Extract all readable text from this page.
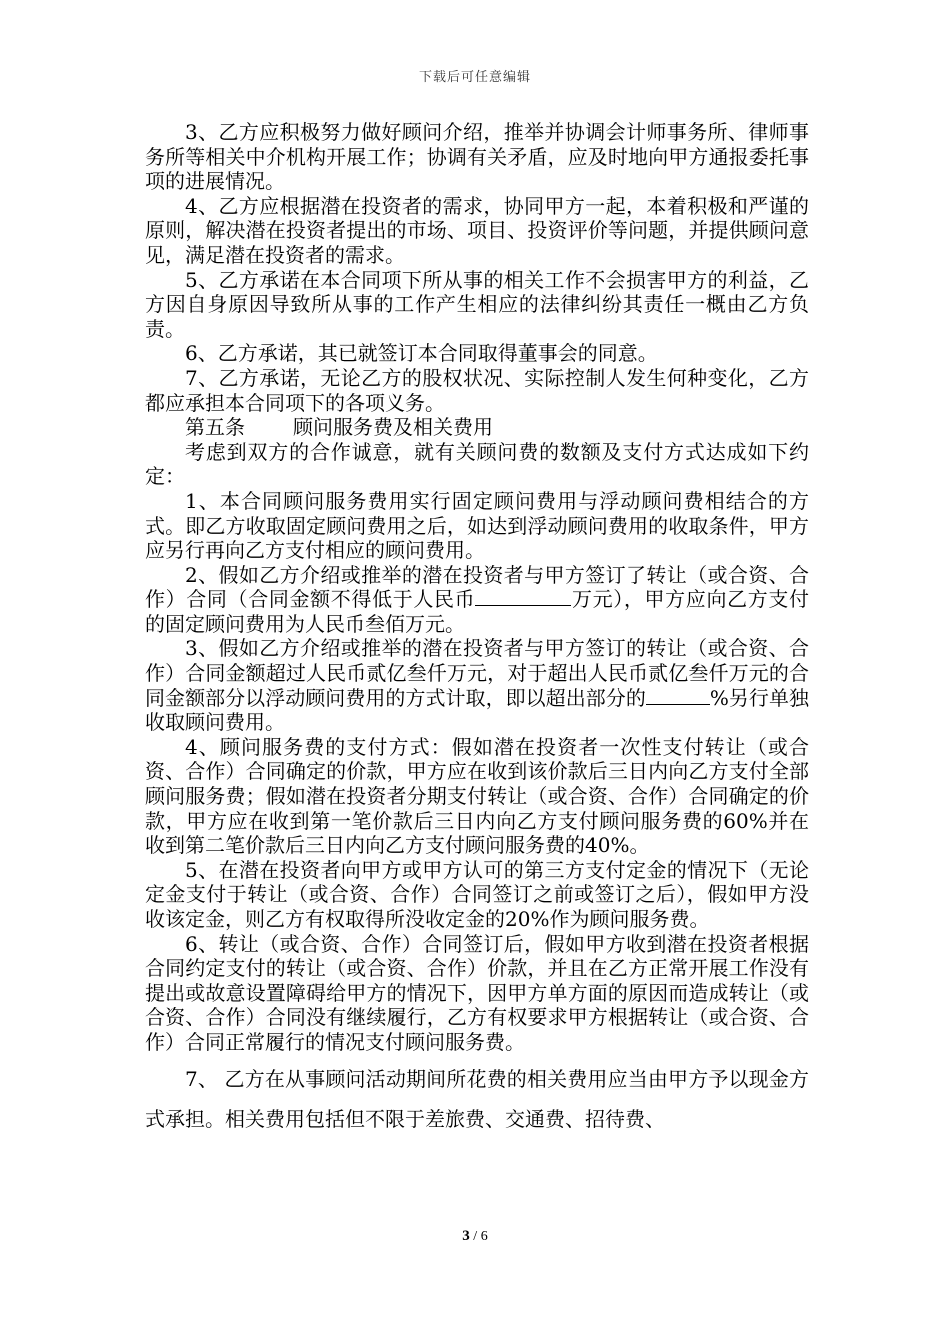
下载后可任意编辑

3、乙方应积极努力做好顾问介绍，推举并协调会计师事务所、律师事务所等相关中介机构开展工作；协调有关矛盾，应及时地向甲方通报委托事项的进展情况。

4、乙方应根据潜在投资者的需求，协同甲方一起，本着积极和严谨的原则，解决潜在投资者提出的市场、项目、投资评价等问题，并提供顾问意见，满足潜在投资者的需求。

5、乙方承诺在本合同项下所从事的相关工作不会损害甲方的利益，乙方因自身原因导致所从事的工作产生相应的法律纠纷其责任一概由乙方负责。

6、乙方承诺，其已就签订本合同取得董事会的同意。

7、乙方承诺，无论乙方的股权状况、实际控制人发生何种变化，乙方都应承担本合同项下的各项义务。

第五条 顾问服务费及相关费用

考虑到双方的合作诚意，就有关顾问费的数额及支付方式达成如下约定：

1、本合同顾问服务费用实行固定顾问费用与浮动顾问费相结合的方式。即乙方收取固定顾问费用之后，如达到浮动顾问费用的收取条件，甲方应另行再向乙方支付相应的顾问费用。

2、假如乙方介绍或推举的潜在投资者与甲方签订了转让（或合资、合作）合同（合同金额不得低于人民币	万元），甲方应向乙方支付的固定顾问费用为人民币叁佰万元。

3、假如乙方介绍或推举的潜在投资者与甲方签订的转让（或合资、合作）合同金额超过人民币贰亿叁仟万元，对于超出人民币贰亿叁仟万元的合同金额部分以浮动顾问费用的方式计取，即以超出部分的	%另行单独收取顾问费用。

4、顾问服务费的支付方式：假如潜在投资者一次性支付转让（或合资、合作）合同确定的价款，甲方应在收到该价款后三日内向乙方支付全部顾问服务费；假如潜在投资者分期支付转让（或合资、合作）合同确定的价款，甲方应在收到第一笔价款后三日内向乙方支付顾问服务费的60%并在收到第二笔价款后三日内向乙方支付顾问服务费的40%。

5、在潜在投资者向甲方或甲方认可的第三方支付定金的情况下（无论定金支付于转让（或合资、合作）合同签订之前或签订之后），假如甲方没收该定金，则乙方有权取得所没收定金的20%作为顾问服务费。

6、转让（或合资、合作）合同签订后，假如甲方收到潜在投资者根据合同约定支付的转让（或合资、合作）价款，并且在乙方正常开展工作没有提出或故意设置障碍给甲方的情况下，因甲方单方面的原因而造成转让（或合资、合作）合同没有继续履行，乙方有权要求甲方根据转让（或合资、合作）合同正常履行的情况支付顾问服务费。

7、 乙方在从事顾问活动期间所花费的相关费用应当由甲方予以现金方式承担。相关费用包括但不限于差旅费、交通费、招待费、

3 / 6
